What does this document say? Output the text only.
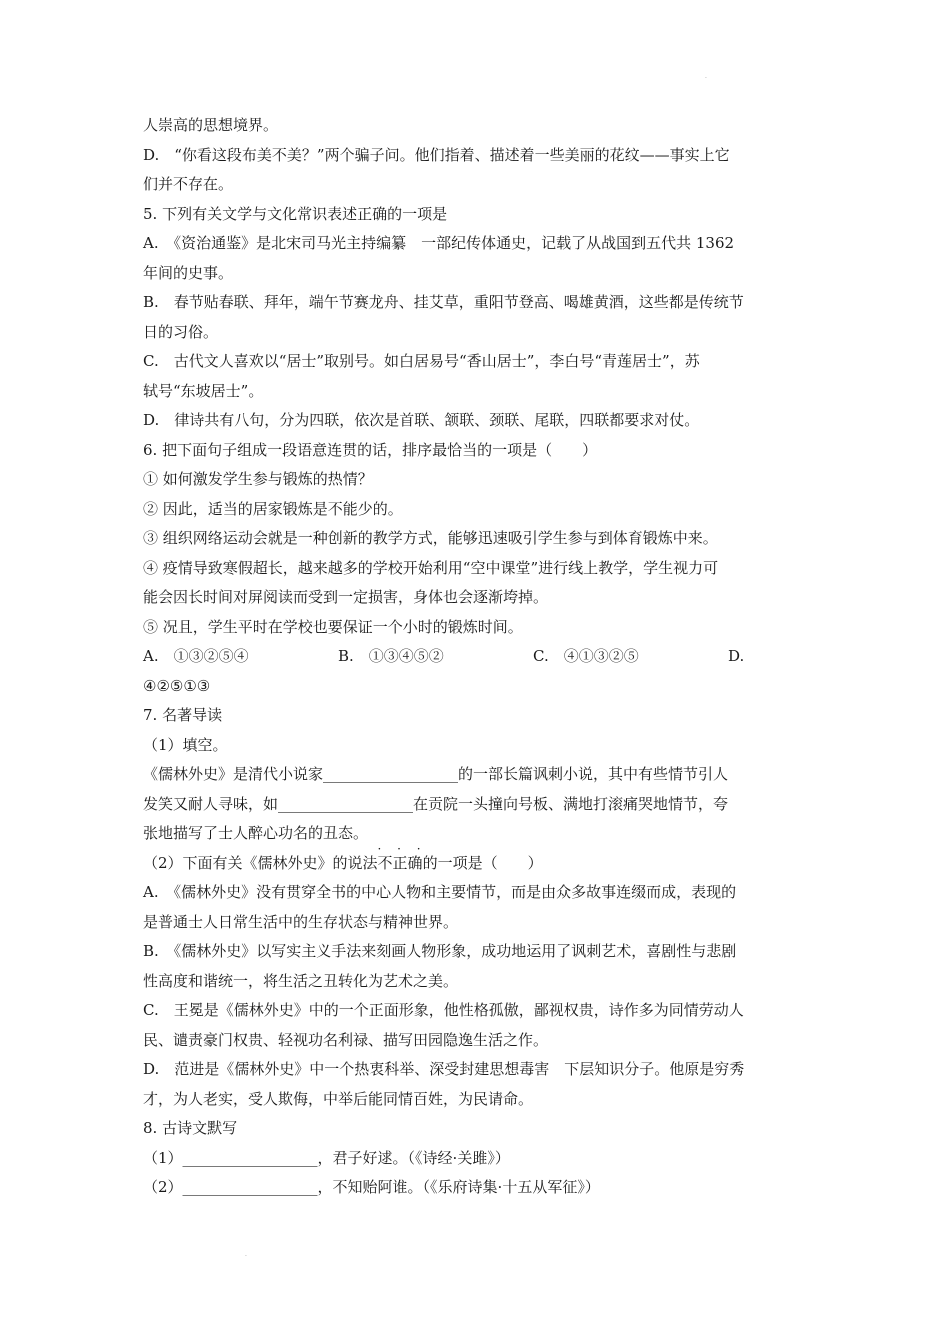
.
.
人崇高的思想境界。
D.　“你看这段布美不美？”两个骗子问。他们指着、描述着一些美丽的花纹——事实上它
们并不存在。
5. 下列有关文学与文化常识表述正确的一项是
A.　《资治通鉴》是北宋司马光主持编纂　一部纪传体通史，记载了从战国到五代共 1362
年间的史事。
B.　春节贴春联、拜年，端午节赛龙舟、挂艾草，重阳节登高、喝雄黄酒，这些都是传统节
日的习俗。
C.　古代文人喜欢以“居士”取别号。如白居易号“香山居士”，李白号“青莲居士”，苏
轼号“东坡居士”。
D.　律诗共有八句，分为四联，依次是首联、颔联、颈联、尾联，四联都要求对仗。
6. 把下面句子组成一段语意连贯的话，排序最恰当的一项是（　　）
① 如何激发学生参与锻炼的热情？
② 因此，适当的居家锻炼是不能少的。
③ 组织网络运动会就是一种创新的教学方式，能够迅速吸引学生参与到体育锻炼中来。
④ 疫情导致寒假超长，越来越多的学校开始利用“空中课堂”进行线上教学，学生视力可
能会因长时间对屏阅读而受到一定损害，身体也会逐渐垮掉。
⑤ 况且，学生平时在学校也要保证一个小时的锻炼时间。
A.　①③②⑤④	B.　①③④⑤②	C.　④①③②⑤	D.
④②⑤①③
7. 名著导读
（1）填空。
《儒林外史》是清代小说家__________________的一部长篇讽刺小说，其中有些情节引人
发笑又耐人寻味，如__________________在贡院一头撞向号板、满地打滚痛哭地情节，夸
张地描写了士人醉心功名的丑态。
（2）下面有关《儒林外史》的说法
· · ·
不正确的一项是（　　）
A.　《儒林外史》没有贯穿全书的中心人物和主要情节，而是由众多故事连缀而成，表现的
是普通士人日常生活中的生存状态与精神世界。
B.　《儒林外史》以写实主义手法来刻画人物形象，成功地运用了讽刺艺术，喜剧性与悲剧
性高度和谐统一，将生活之丑转化为艺术之美。
C.　王冕是《儒林外史》中的一个正面形象，他性格孤傲，鄙视权贵，诗作多为同情劳动人
民、谴责豪门权贵、轻视功名利禄、描写田园隐逸生活之作。
D.　范进是《儒林外史》中一个热衷科举、深受封建思想毒害　下层知识分子。他原是穷秀
才，为人老实，受人欺侮，中举后能同情百姓，为民请命。
8. 古诗文默写
（1）__________________，君子好逑。（《诗经·关雎》）
（2）__________________，不知贻阿谁。（《乐府诗集·十五从军征》）
